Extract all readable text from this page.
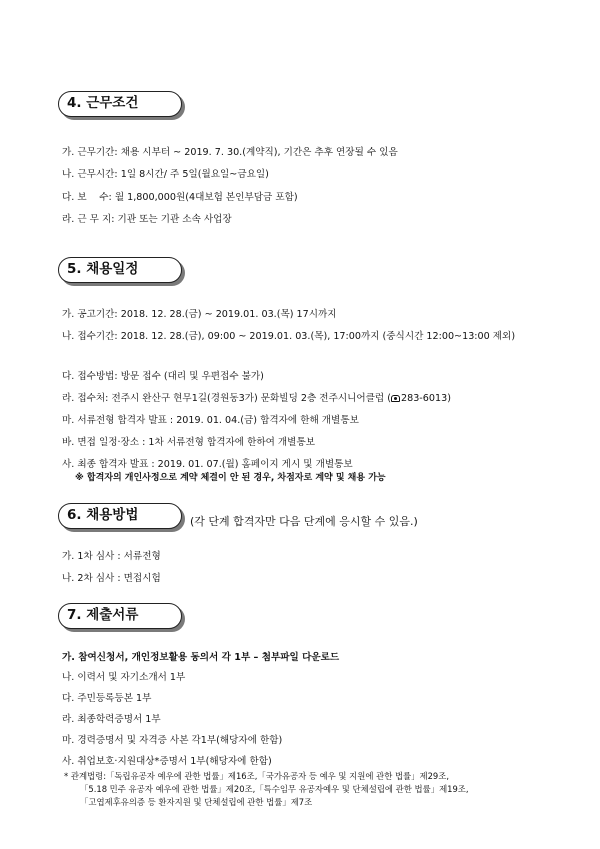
4. 근무조건
가. 근무기간: 채용 시부터 ~ 2019. 7. 30.(계약직), 기간은 추후 연장될 수 있음
나. 근무시간: 1일 8시간/ 주 5일(월요일~금요일)
다. 보　 수: 월 1,800,000원(4대보험 본인부담금 포함)
라. 근 무 지: 기관 또는 기관 소속 사업장
5. 채용일정
가. 공고기간: 2018. 12. 28.(금) ~ 2019.01. 03.(목) 17시까지
나. 접수기간: 2018. 12. 28.(금), 09:00 ~ 2019.01. 03.(목), 17:00까지 (중식시간 12:00~13:00 제외)
다. 접수방법: 방문 접수 (대리 및 우편접수 불가)
라. 접수처: 전주시 완산구 현무1길(경원동3가) 문화빌딩 2층 전주시니어클럽 ( 283-6013)
마. 서류전형 합격자 발표 : 2019. 01. 04.(금) 합격자에 한해 개별통보
바. 면접 일정·장소 : 1차 서류전형 합격자에 한하여 개별통보
사. 최종 합격자 발표 : 2019. 01. 07.(월) 홈페이지 게시 및 개별통보
※ 합격자의 개인사정으로 계약 체결이 안 된 경우, 차점자로 계약 및 채용 가능
6. 채용방법	(각 단계 합격자만 다음 단계에 응시할 수 있음.)
가. 1차 심사 : 서류전형
나. 2차 심사 : 면접시험
7. 제출서류
가. 참여신청서, 개인정보활용 동의서 각 1부 – 첨부파일 다운로드
나. 이력서 및 자기소개서 1부
다. 주민등록등본 1부
라. 최종학력증명서 1부
마. 경력증명서 및 자격증 사본 각1부(해당자에 한함)
사. 취업보호·지원대상*증명서 1부(해당자에 한함)
* 관계법령:「독립유공자 예우에 관한 법률」제16조,「국가유공자 등 예우 및 지원에 관한 법률」제29조,
「5.18 민주 유공자 예우에 관한 법률」제20조,「특수임무 유공자예우 및 단체설립에 관한 법률」제19조,
「고엽제후유의증 등 환자지원 및 단체설립에 관한 법률」제7조
